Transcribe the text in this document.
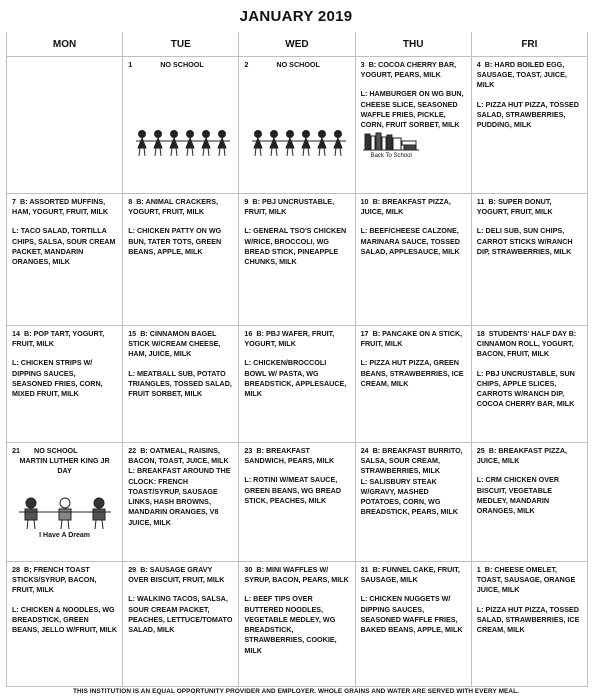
JANUARY 2019
MON	TUE	WED	THU	FRI

	1 NO SCHOOL	2 NO SCHOOL	3 B: COCOA CHERRY BAR, YOGURT, PEARS, MILK
L: HAMBURGER ON WG BUN, CHEESE SLICE, SEASONED WAFFLE FRIES, PICKLE, CORN, FRUIT SORBET, MILK
Back To School	4 B: HARD BOILED EGG, SAUSAGE, TOAST, JUICE, MILK
L: PIZZA HUT PIZZA, TOSSED SALAD, STRAWBERRIES, PUDDING, MILK

7 B: ASSORTED MUFFINS, HAM, YOGURT, FRUIT, MILK
L: TACO SALAD, TORTILLA CHIPS, SALSA, SOUR CREAM PACKET, MANDARIN ORANGES, MILK	8 B: ANIMAL CRACKERS, YOGURT, FRUIT, MILK
L: CHICKEN PATTY ON WG BUN, TATER TOTS, GREEN BEANS, APPLE, MILK	9 B: PBJ UNCRUSTABLE, FRUIT, MILK
L: GENERAL TSO'S CHICKEN W/RICE, BROCCOLI, WG BREAD STICK, PINEAPPLE CHUNKS, MILK	10 B: BREAKFAST PIZZA, JUICE, MILK
L: BEEF/CHEESE CALZONE, MARINARA SAUCE, TOSSED SALAD, APPLESAUCE, MILK	11 B: SUPER DONUT, YOGURT, FRUIT, MILK
L: DELI SUB, SUN CHIPS, CARROT STICKS W/RANCH DIP, STRAWBERRIES, MILK

14 B: POP TART, YOGURT, FRUIT, MILK
L: CHICKEN STRIPS W/ DIPPING SAUCES, SEASONED FRIES, CORN, MIXED FRUIT, MILK	15 B: CINNAMON BAGEL STICK W/CREAM CHEESE, HAM, JUICE, MILK
L: MEATBALL SUB, POTATO TRIANGLES, TOSSED SALAD, FRUIT SORBET, MILK	16 B: PBJ WAFER, FRUIT, YOGURT, MILK
L: CHICKEN/BROCCOLI BOWL W/ PASTA, WG BREADSTICK, APPLESAUCE, MILK	17 B: PANCAKE ON A STICK, FRUIT, MILK
L: PIZZA HUT PIZZA, GREEN BEANS, STRAWBERRIES, ICE CREAM, MILK	18 STUDENTS' HALF DAY B: CINNAMON ROLL, YOGURT, BACON, FRUIT, MILK
L: PBJ UNCRUSTABLE, SUN CHIPS, APPLE SLICES, CARROTS W/RANCH DIP, COCOA CHERRY BAR, MILK

21 NO SCHOOL
MARTIN LUTHER KING JR DAY
I Have A Dream	22 B: OATMEAL, RAISINS, BACON, TOAST, JUICE, MILK
L: BREAKFAST AROUND THE CLOCK: FRENCH TOAST/SYRUP, SAUSAGE LINKS, HASH BROWNS, MANDARIN ORANGES, V8 JUICE, MILK	23 B: BREAKFAST SANDWICH, PEARS, MILK
L: ROTINI W/MEAT SAUCE, GREEN BEANS, WG BREAD STICK, PEACHES, MILK	24 B: BREAKFAST BURRITO, SALSA, SOUR CREAM, STRAWBERRIES, MILK
L: SALISBURY STEAK W/GRAVY, MASHED POTATOES, CORN, WG BREADSTICK, PEARS, MILK	25 B: BREAKFAST PIZZA, JUICE, MILK
L: CRM CHICKEN OVER BISCUIT, VEGETABLE MEDLEY, MANDARIN ORANGES, MILK

28 B; FRENCH TOAST STICKS/SYRUP, BACON, FRUIT, MILK
L: CHICKEN & NOODLES, WG BREADSTICK, GREEN BEANS, JELLO W/FRUIT, MILK	29 B: SAUSAGE GRAVY OVER BISCUIT, FRUIT, MILK
L: WALKING TACOS, SALSA, SOUR CREAM PACKET, PEACHES, LETTUCE/TOMATO SALAD, MILK	30 B: MINI WAFFLES W/ SYRUP, BACON, PEARS, MILK
L: BEEF TIPS OVER BUTTERED NOODLES, VEGETABLE MEDLEY, WG BREADSTICK, STRAWBERRIES, COOKIE, MILK	31 B: FUNNEL CAKE, FRUIT, SAUSAGE, MILK
L: CHICKEN NUGGETS W/ DIPPING SAUCES, SEASONED WAFFLE FRIES, BAKED BEANS, APPLE, MILK	1 B: CHEESE OMELET, TOAST, SAUSAGE, ORANGE JUICE, MILK
L: PIZZA HUT PIZZA, TOSSED SALAD, STRAWBERRIES, ICE CREAM, MILK
THIS INSTITUTION IS AN EQUAL OPPORTUNITY PROVIDER AND EMPLOYER. WHOLE GRAINS AND WATER ARE SERVED WITH EVERY MEAL.
